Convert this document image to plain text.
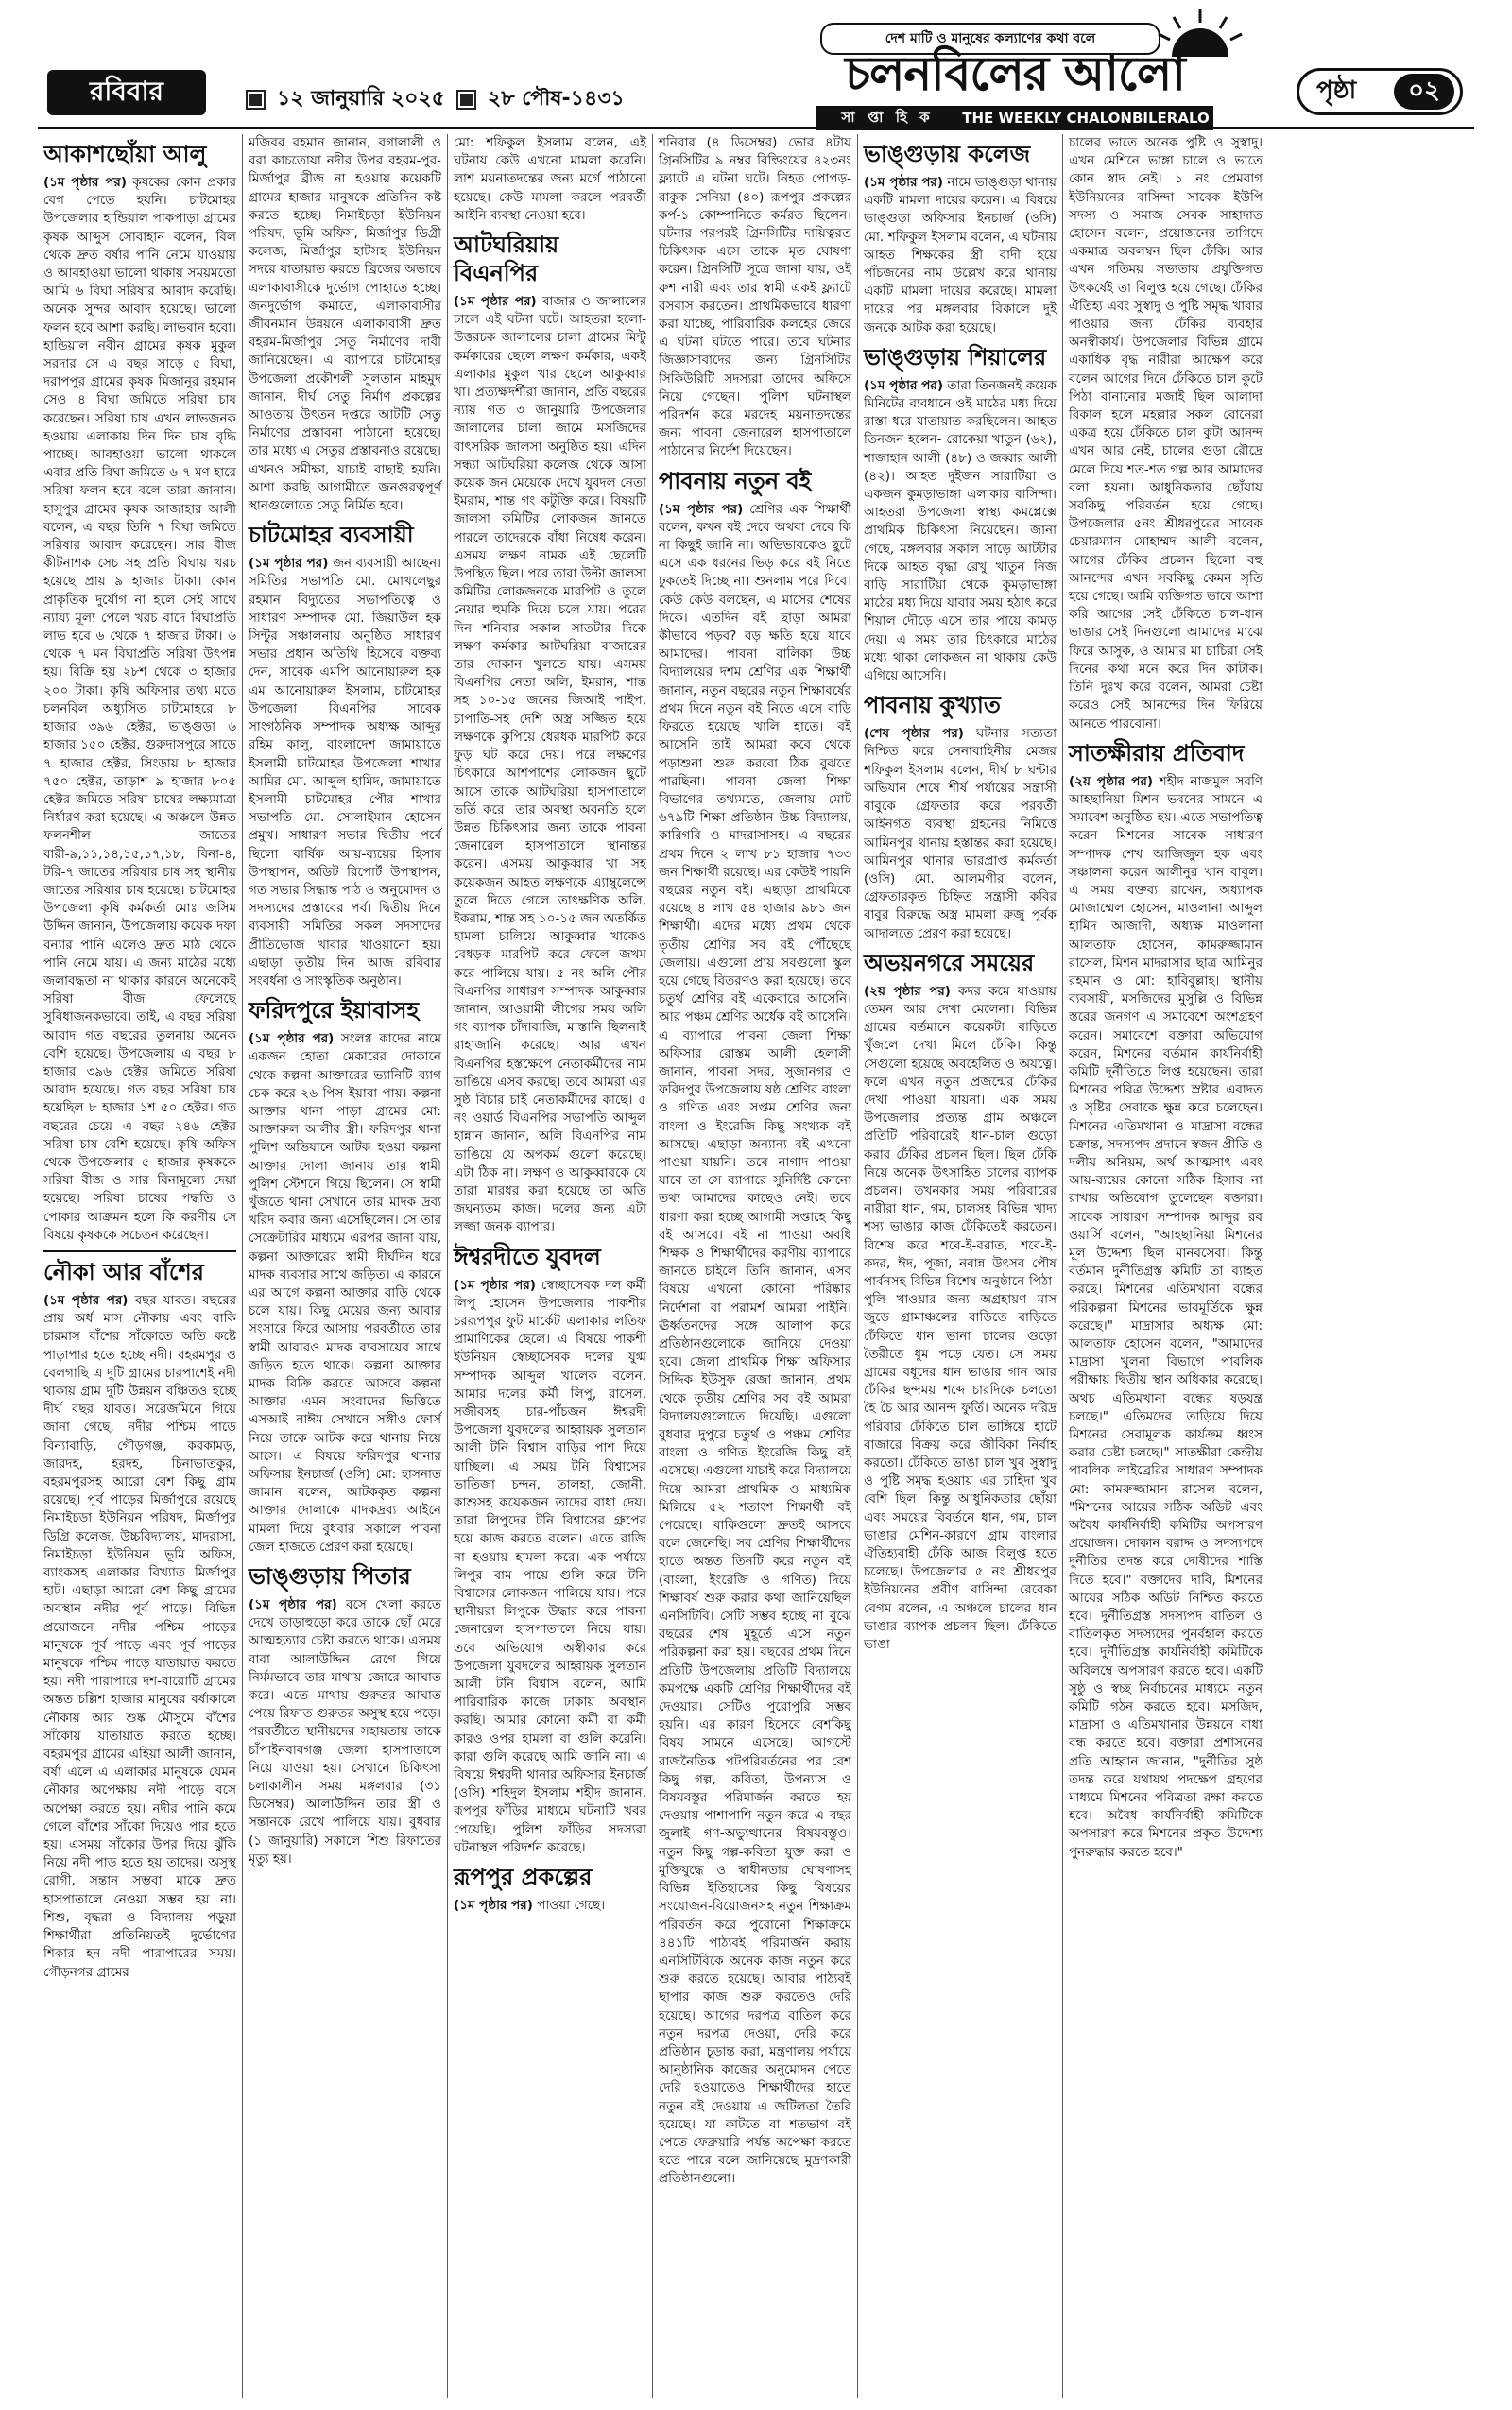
রবিবার	১২ জানুয়ারি ২০২৫ ২৮ পৌষ-১৪৩১
দেশ মাটি ও মানুষের কল্যাণের কথা বলে
চলনবিলের আলো
সা প্তা হি ক	THE WEEKLY CHALONBILERALO
পৃষ্ঠা	০২
আকাশছোঁয়া আলু

(১ম পৃষ্ঠার পর) কৃষকের কোন প্রকার বেগ পেতে হয়নি। চাটমোহর উপজেলার হান্ডিয়াল পাকপাড়া গ্রামের কৃষক আব্দুস সোবাহান বলেন, বিল থেকে দ্রুত বর্ষার পানি নেমে যাওয়ায় ও আবহাওয়া ভালো থাকায় সময়মতো আমি ৬ বিঘা সরিষার আবাদ করেছি। অনেক সুন্দর আবাদ হয়েছে। ভালো ফলন হবে আশা করছি। লাভবান হবো। হান্ডিয়াল নবীন গ্রামের কৃষক মুকুল সরদার সে এ বছর সাড়ে ৫ বিঘা, দরাপপুর গ্রামের কৃষক মিজানুর রহমান সেও ৪ বিঘা জমিতে সরিষা চাষ করেছেন। সরিষা চাষ এখন লাভজনক হওয়ায় এলাকায় দিন দিন চাষ বৃদ্ধি পাচ্ছে। আবহাওয়া ভালো থাকলে এবার প্রতি বিঘা জমিতে ৬-৭ মণ হারে সরিষা ফলন হবে বলে তারা জানান। হাসুপুর গ্রামের কৃষক আজাহার আলী বলেন, এ বছর তিনি ৭ বিঘা জমিতে সরিষার আবাদ করেছেন। সার বীজ কীটনাশক সেচ সহ প্রতি বিঘায় খরচ হয়েছে প্রায় ৯ হাজার টাকা। কোন প্রাকৃতিক দুর্যোগ না হলে সেই সাথে ন্যায্য মূল্য পেলে খরচ বাদে বিঘাপ্রতি লাভ হবে ৬ থেকে ৭ হাজার টাকা। ৬ থেকে ৭ মন বিঘাপ্রতি সরিষা উৎপন্ন হয়। বিক্রি হয় ২৮শ থেকে ৩ হাজার ২০০ টাকা। কৃষি অফিসার তথ্য মতে চলনবিল অধ্যুসিত চাটমোহরে ৮ হাজার ৩৯৬ হেক্টর, ভাঙ্গুড়া ৬ হাজার ১৫০ হেক্টর, গুরুদাসপুরে সাড়ে ৭ হাজার হেক্টর, সিংড়ায় ৮ হাজার ৭৫০ হেক্টর, তাড়াশ ৯ হাজার ৮০৫ হেক্টর জমিতে সরিষা চাষের লক্ষ্যমাত্রা নির্ধারণ করা হয়েছে। এ অঞ্চলে উন্নত ফলনশীল জাতের বারী-৯,১১,১৪,১৫,১৭,১৮, বিনা-৪, টরি-৭ জাতের সরিষার চাষ সহ স্থানীয় জাতের সরিষার চাষ হয়েছে। চাটমোহর উপজেলা কৃষি কর্মকর্তা মোঃ জসিম উদ্দিন জানান, উপজেলায় কয়েক দফা বন্যার পানি এলেও দ্রুত মাঠ থেকে পানি নেমে যায়। এ জন্য মাঠের মধ্যে জলাবদ্ধতা না থাকার কারনে অনেকেই সরিষা বীজ ফেলেছে সুবিধাজনকভাবে। তাই, এ বছর সরিষা আবাদ গত বছরের তুলনায় অনেক বেশি হয়েছে। উপজেলায় এ বছর ৮ হাজার ৩৯৬ হেক্টর জমিতে সরিষা আবাদ হয়েছে। গত বছর সরিষা চাষ হয়েছিল ৮ হাজার ১শ ৫০ হেক্টর। গত বছরের চেয়ে এ বছর ২৪৬ হেক্টর সরিষা চাষ বেশি হয়েছে। কৃষি অফিস থেকে উপজেলার ৫ হাজার কৃষককে সরিষা বীজ ও সার বিনামূল্যে দেয়া হয়েছে। সরিষা চাষের পদ্ধতি ও পোকার আক্রমন হলে কি করণীয় সে বিষয়ে কৃষককে সচেতন করেছেন।

নৌকা আর বাঁশের

(১ম পৃষ্ঠার পর) বছর যাবত। বছরের প্রায় অর্ধ মাস নৌকায় এবং বাকি চারমাস বাঁশের সাঁকোতে অতি কষ্টে পাড়াপার হতে হচ্ছে নদী। বহরমপুর ও বেলগাছি এ দুটি গ্রামের চারপাশেই নদী থাকায় গ্রাম দুটি উন্নয়ন বঞ্চিতও হচ্ছে দীর্ঘ বছর যাবত। সরেজমিনে গিয়ে জানা গেছে, নদীর পশ্চিম পাড়ে বিন্যাবাড়ি, গৌড়গঞ্জ, করকামড়, জারদহ, হরদহ, চিনাভাতকুর, বহরমপুরসহ আরো বেশ কিছু গ্রাম রয়েছে। পূর্ব পাড়ের মির্জাপুরে রয়েছে নিমাইচড়া ইউনিয়ন পরিষদ, মির্জাপুর ডিগ্রি কলেজ, উচ্চবিদ্যালয়, মাদরাসা, নিমাইচড়া ইউনিয়ন ভূমি অফিস, ব্যাংকসহ এলাকার বিখ্যাত মির্জাপুর হাট। এছাড়া আরো বেশ কিছু গ্রামের অবস্থান নদীর পূর্ব পাড়ে। বিভিন্ন প্রয়োজনে নদীর পশ্চিম পাড়ের মানুষকে পূর্ব পাড়ে এবং পূর্ব পাড়ের মানুষকে পশ্চিম পাড়ে যাতায়াত করতে হয়। নদী পারাপারে দশ-বারোটি গ্রামের অন্তত চল্লিশ হাজার মানুষের বর্ষাকালে নৌকায় আর শুষ্ক মৌসুমে বাঁশের সাঁকোয় যাতায়াত করতে হচ্ছে। বহরমপুর গ্রামের এহিয়া আলী জানান, বর্ষা এলে এ এলাকার মানুষকে যেমন নৌকার অপেক্ষায় নদী পাড়ে বসে অপেক্ষা করতে হয়। নদীর পানি কমে গেলে বাঁশের সাঁকো দিয়েও পার হতে হয়। এসময় সাঁকোর উপর দিয়ে ঝুঁকি নিয়ে নদী পাড় হতে হয় তাদের। অসুস্থ রোগী, সন্তান সম্ভবা মাকে দ্রুত হাসপাতালে নেওয়া সম্ভব হয় না। শিশু, বৃদ্ধরা ও বিদ্যালয় পড়ুয়া শিক্ষার্থীরা প্রতিনিয়তই দুর্ভোগের শিকার হন নদী পারাপারের সময়। গৌড়নগর গ্রামের

মজিবর রহমান জানান, বগালালী ও বরা কাচতোয়া নদীর উপর বহরম-পুর-মির্জাপুর ব্রীজ না হওয়ায় কয়েকটি গ্রামের হাজার মানুষকে প্রতিদিন কষ্ট করতে হচ্ছে। নিমাইচড়া ইউনিয়ন পরিষদ, ভূমি অফিস, মির্জাপুর ডিগ্রী কলেজ, মির্জাপুর হাটসহ ইউনিয়ন সদরে যাতায়াত করতে ব্রিজের অভাবে এলাকাবাসীকে দুর্ভোগ পোহাতে হচ্ছে। জনদুর্ভোগ কমাতে, এলাকাবাসীর জীবনমান উন্নয়নে এলাকাবাসী দ্রুত বহরম-মির্জাপুর সেতু নির্মাণের দাবী জানিয়েছেন। এ ব্যাপারে চাটমোহর উপজেলা প্রকৌশলী সুলতান মাহমুদ জানান, দীর্ঘ সেতু নির্মাণ প্রকল্পের আওতায় উৎতন দপ্তরে আটটি সেতু নির্মাণের প্রস্তাবনা পাঠানো হয়েছে। তার মধ্যে এ সেতুর প্রস্তাবনাও রয়েছে। এখনও সমীক্ষা, যাচাই বাছাই হয়নি। আশা করছি আগামীতে জনগুরত্বপূর্ণ স্থানগুলোতে সেতু নির্মিত হবে।

চাটমোহর ব্যবসায়ী

(১ম পৃষ্ঠার পর) জন ব্যবসায়ী আছেন। সমিতির সভাপতি মো. মোখলেছুর রহমান বিদ্যুতের সভাপতিত্বে ও সাধারণ সম্পাদক মো. জিয়াউল হক সিন্টুর সঞ্চালনায় অনুষ্ঠিত সাধারণ সভার প্রধান অতিথি হিসেবে বক্তব্য দেন, সাবেক এমপি আনোয়ারুল হক এম আনোয়ারুল ইসলাম, চাটমোহর উপজেলা বিএনপির সাবেক সাংগঠনিক সম্পাদক অধ্যক্ষ আব্দুর রহিম কালু, বাংলাদেশ জামায়াতে ইসলামী চাটমোহর উপজেলা শাখার আমির মো. আব্দুল হামিদ, জামায়াতে ইসলামী চাটমোহর পৌর শাখার সভাপতি মো. সোলাইমান হোসেন প্রমুখ। সাধারণ সভার দ্বিতীয় পর্বে ছিলো বার্ষিক আয়-ব্যয়ের হিসাব উপস্থাপন, অডিট রিপোর্ট উপস্থাপন, গত সভার সিদ্ধান্ত পাঠ ও অনুমোদন ও সদস্যদের প্রস্তাবের পর্ব। দ্বিতীয় দিনে ব্যবসায়ী সমিতির সকল সদস্যদের প্রীতিভোজ খাবার খাওয়ানো হয়। এছাড়া তৃতীয় দিন আজ রবিবার সংবর্ধনা ও সাংস্কৃতিক অনুষ্ঠান।

ফরিদপুরে ইয়াবাসহ

(১ম পৃষ্ঠার পর) সংলগ্ন কাদের নামে একজন হোতা মেকারের দোকানে থেকে কল্পনা আক্তারের ভ্যানিটি ব্যাগ চেক করে ২৬ পিস ইয়াবা পায়। কল্পনা আক্তার থানা পাড়া গ্রামের মো: আক্তারুল আলীর স্ত্রী। ফরিদপুর থানা পুলিশ অভিযানে আটক হওয়া কল্পনা আক্তার দোলা জানায় তার স্বামী পুলিশ স্টেশনে গিয়ে ছিলেন। সে স্বামী খুঁজতে থানা সেখানে তার মাদক দ্রব্য খরিদ কবার জন্য এসেছিলেন। সে তার সেক্রেটারির মাধ্যমে এরপর জানা যায়, কল্পনা আক্তারের স্বামী দীর্ঘদিন ধরে মাদক ব্যবসার সাথে জড়িত। এ কারনে এর আগে কল্পনা আক্তার বাড়ি থেকে চলে যায়। কিছু মেয়ের জন্য আবার সংসারে ফিরে আসায় পরবর্তীতে তার স্বামী আবারও মাদক ব্যবসায়ের সাথে জড়িত হতে থাকে। কল্পনা আক্তার মাদক বিক্রি করতে আসবে কল্পনা আক্তার এমন সংবাদের ভিত্তিতে এসআই নাঈম সেখানে সঙ্গীও ফোর্স নিয়ে তাকে আটক করে থানায় নিয়ে আসে। এ বিষয়ে ফরিদপুর থানার অফিসার ইনচার্জ (ওসি) মো: হাসনাত জামান বলেন, আটককৃত কল্পনা আক্তার দোলাকে মাদকদ্রব্য আইনে মামলা দিয়ে বুধবার সকালে পাবনা জেল হাজতে প্রেরণ করা হয়েছে।

ভাঙ্গুড়ায় পিতার

(১ম পৃষ্ঠার পর) বসে খেলা করতে দেখে তাড়াহুড়ো করে তাকে ছোঁ মেরে আত্মহত্যার চেষ্টা করতে থাকে। এসময় বাবা আলাউদ্দিন রেগে গিয়ে নির্মমভাবে তার মাথায় জোরে আঘাত করে। এতে মাথায় গুরুতর আঘাত পেয়ে রিফাত গুরুতর অসুস্থ হয়ে পড়ে। পরবর্তীতে স্থানীয়দের সহায়তায় তাকে চাঁপাইনবাবগঞ্জ জেলা হাসপাতালে নিয়ে যাওয়া হয়। সেখানে চিকিৎসা চলাকালীন সময় মঙ্গলবার (৩১ ডিসেম্বর) আলাউদ্দিন তার স্ত্রী ও সন্তানকে রেখে পালিয়ে যায়। বুধবার (১ জানুয়ারি) সকালে শিশু রিফাতের মৃত্যু হয়।

মো: শফিকুল ইসলাম বলেন, এই ঘটনায় কেউ এখনো মামলা করেনি। লাশ ময়নাতদন্তের জন্য মর্গে পাঠানো হয়েছে। কেউ মামলা করলে পরবর্তী আইনি ব্যবস্থা নেওয়া হবে।

আটঘরিয়ায় বিএনপির

(১ম পৃষ্ঠার পর) বাজার ও জালালের ঢালে এই ঘটনা ঘটে। আহতরা হলো-উত্তরচক জালালের চালা গ্রামের মিন্টু কর্মকারের ছেলে লক্ষণ কর্মকার, একই এলাকার মুকুল খার ছেলে আকুব্বার খা। প্রত্যক্ষদর্শীরা জানান, প্রতি বছরের ন্যায় গত ৩ জানুয়ারি উপজেলার জালালের চালা জামে মসজিদের বাৎসরিক জালসা অনুষ্ঠিত হয়। এদিন সন্ধ্যা আটঘরিয়া কলেজ থেকে আসা কয়েক জন মেয়েকে দেখে যুবদল নেতা ইমরাম, শান্ত গং কটুক্তি করে। বিষয়টি জালসা কমিটির লোকজন জানতে পারলে তাদেরকে বাঁধা নিষেধ করেন। এসময় লক্ষণ নামক এই ছেলেটি উপস্থিত ছিল। পরে তারা উল্টা জালসা কমিটির লোকজনকে মারপিট ও তুলে নেয়ার হুমকি দিয়ে চলে যায়। পরের দিন শনিবার সকাল সাতটার দিকে লক্ষণ কর্মকার আটঘরিয়া বাজারের তার দোকান খুলতে যায়। এসময় বিএনপির নেতা অলি, ইমরান, শান্ত সহ ১০-১৫ জনের জিআই পাইপ, চাপাতি-সহ দেশি অস্ত্র সজ্জিত হয়ে লক্ষণকে কুপিয়ে ধেরধক মারপিট করে ফুড় ঘট করে দেয়। পরে লক্ষণের চিৎকারে আশপাশের লোকজন ছুটে আসে তাকে আটঘরিয়া হাসপাতালে ভর্তি করে। তার অবস্থা অবনতি হলে উন্নত চিকিৎসার জন্য তাকে পাবনা জেনারেল হাসপাতালে স্থানান্তর করেন। এসময় আকুব্বার খা সহ কয়েকজন আহত লক্ষণকে এ্যাম্বুলেন্সে তুলে দিতে গেলে তাৎক্ষণিক অলি, ইকরাম, শান্ত সহ ১০-১৫ জন অতর্কিত হামলা চালিয়ে আকুব্বার খাকেও বেধড়ক মারপিট করে ফেলে জখম করে পালিয়ে যায়। ৫ নং অলি পৌর বিএনপির সাধারণ সম্পাদক আকুব্বার জানান, আওয়ামী লীগের সময় অলি গং ব্যাপক চাঁদাবাজি, মাস্তানি ছিলনাই রাহাজানি করেছে। আর এখন বিএনপির হস্তক্ষেপে নেতাকর্মীদের নাম ভাঙিয়ে এসব করছে। তবে আমরা এর সুষ্ঠ বিচার চাই নেতাকর্মীদের কাছে। ৫ নং ওয়ার্ড বিএনপির সভাপতি আব্দুল হান্নান জানান, অলি বিএনপির নাম ভাঙিয়ে যে অপকর্ম গুলো করেছে। এটা ঠিক না। লক্ষণ ও আকুব্বারকে যে তারা মারধর করা হয়েছে তা অতি জঘন্যতম কাজ। দলের জন্য এটা লজ্জা জনক ব্যাপার।

ঈশ্বরদীতে যুবদল

(১ম পৃষ্ঠার পর) স্বেচ্ছাসেবক দল কর্মী লিপু হোসেন উপজেলার পাকশীর চররূপপুর ফুট মার্কেট এলাকার লতিফ প্রামাণিকের ছেলে। এ বিষয়ে পাকশী ইউনিয়ন স্বেচ্ছাসেবক দলের যুগ্ম সম্পাদক আব্দুল খালেক বলেন, আমার দলের কর্মী লিপু, রাসেল, সজীবসহ চার-পাঁচজন ঈশ্বরদী উপজেলা যুবদলের আহ্বায়ক সুলতান আলী টনি বিশ্বাস বাড়ির পাশ দিয়ে যাচ্ছিল। এ সময় টনি বিশ্বাসের ভাতিজা চন্দন, তালহা, জোনী, কাশুসহ কয়েকজন তাদের বাধা দেয়। তারা লিপুদের টনি বিশ্বাসের গ্রুপের হয়ে কাজ করতে বলেন। এতে রাজি না হওয়ায় হামলা করে। এক পর্যায়ে লিপুর বাম পায়ে গুলি করে টনি বিশ্বাসের লোকজন পালিয়ে যায়। পরে স্থানীয়রা লিপুকে উদ্ধার করে পাবনা জেনারেল হাসপাতালে নিয়ে যায়। তবে অভিযোগ অস্বীকার করে উপজেলা যুবদলের আহ্বায়ক সুলতান আলী টনি বিশ্বাস বলেন, আমি পারিবারিক কাজে ঢাকায় অবস্থান করছি। আমার কোনো কর্মী বা কর্মী কারও ওপর হামলা বা গুলি করেনি। কারা গুলি করেছে আমি জানি না। এ বিষয়ে ঈশ্বরদী থানার অফিসার ইনচার্জ (ওসি) শহিদুল ইসলাম শহীদ জানান, রূপপুর ফাঁড়ির মাধ্যমে ঘটনাটি খবর পেয়েছি। পুলিশ ফাঁড়ির সদস্যরা ঘটনাস্থল পরিদর্শন করেছে।

রূপপুর প্রকল্পের

(১ম পৃষ্ঠার পর) পাওয়া গেছে।

শনিবার (৪ ডিসেম্বর) ভোর ৪টায় গ্রিনসিটির ৯ নম্বর বিল্ডিংয়ের ৪২৩নং ফ্ল্যাটে এ ঘটনা ঘটে। নিহত পোপড়-রাকুক সেনিয়া (৪০) রূপপুর প্রকল্পের কর্প-১ কোম্পানিতে কর্মরত ছিলেন। ঘটনার পরপরই গ্রিনসিটির দায়িত্বরত চিকিৎসক এসে তাকে মৃত ঘোষণা করেন। গ্রিনসিটি সূত্রে জানা যায়, ওই রুশ নারী এবং তার স্বামী একই ফ্ল্যাটে বসবাস করতেন। প্রাথমিকভাবে ধারণা করা যাচ্ছে, পারিবারিক কলহের জেরে এ ঘটনা ঘটতে পারে। তবে ঘটনার জিজ্ঞাসাবাদের জন্য গ্রিনসিটির সিকিউরিটি সদস্যরা তাদের অফিসে নিয়ে গেছেন। পুলিশ ঘটনাস্থল পরিদর্শন করে মরদেহ ময়নাতদন্তের জন্য পাবনা জেনারেল হাসপাতালে পাঠানোর নির্দেশ দিয়েছেন।

পাবনায় নতুন বই

(১ম পৃষ্ঠার পর) শ্রেণির এক শিক্ষার্থী বলেন, কখন বই দেবে অথবা দেবে কি না কিছুই জানি না। অভিভাবকেও ছুটে এসে এক ধরনের ভিড় করে বই নিতে ঢুকতেই দিচ্ছে না। শুনলাম পরে দিবে। কেউ কেউ বলছেন, এ মাসের শেষের দিকে। এতদিন বই ছাড়া আমরা কীভাবে পড়ব? বড় ক্ষতি হয়ে যাবে আমাদের। পাবনা বালিকা উচ্চ বিদ্যালয়ের দশম শ্রেণির এক শিক্ষার্থী জানান, নতুন বছরের নতুন শিক্ষাবর্ষের প্রথম দিনে নতুন বই নিতে এসে বাড়ি ফিরতে হয়েছে খালি হাতে। বই আসেনি তাই আমরা কবে থেকে পড়াশুনা শুরু করবো ঠিক বুঝতে পারছিনা। পাবনা জেলা শিক্ষা বিভাগের তথ্যমতে, জেলায় মোট ৬৭৯টি শিক্ষা প্রতিষ্ঠান উচ্চ বিদ্যালয়, কারিগরি ও মাদরাসাসহ। এ বছরের প্রথম দিনে ২ লাখ ৮১ হাজার ৭৩৩ জন শিক্ষার্থী রয়েছে। এর কেউই পায়নি বছরের নতুন বই। এছাড়া প্রাথমিকে রয়েছে ৪ লাখ ৫৪ হাজার ৯৮১ জন শিক্ষার্থী। এদের মধ্যে প্রথম থেকে তৃতীয় শ্রেণির সব বই পৌঁছেছে জেলায়। এগুলো প্রায় সবগুলো স্কুল হয়ে গেছে বিতরণও করা হয়েছে। তবে চতুর্থ শ্রেণির বই একেবারে আসেনি। আর পঞ্চম শ্রেণির অর্ধেক বই আসেনি। এ ব্যাপারে পাবনা জেলা শিক্ষা অফিসার রোস্তম আলী হেলালী জানান, পাবনা সদর, সুজানগর ও ফরিদপুর উপজেলায় ষষ্ঠ শ্রেণির বাংলা ও গণিত এবং সপ্তম শ্রেণির জন্য বাংলা ও ইংরেজি কিছু সংখ্যক বই আসছে। এছাড়া অন্যান্য বই এখনো পাওয়া যায়নি। তবে নাগাদ পাওয়া যাবে তা সে ব্যাপারে সুনির্দিষ্ট কোনো তথ্য আমাদের কাছেও নেই। তবে ধারণা করা হচ্ছে আগামী সপ্তাহে কিছু বই আসবে। বই না পাওয়া অবধি শিক্ষক ও শিক্ষার্থীদের করণীয় ব্যাপারে জানতে চাইলে তিনি জানান, এসব বিষয়ে এখনো কোনো পরিষ্কার নির্দেশনা বা পরামর্শ আমরা পাইনি। ঊর্ধ্বতনদের সঙ্গে আলাপ করে প্রতিষ্ঠানগুলোকে জানিয়ে দেওয়া হবে। জেলা প্রাথমিক শিক্ষা অফিসার সিদ্দিক ইউসুফ রেজা জানান, প্রথম থেকে তৃতীয় শ্রেণির সব বই আমরা বিদ্যালয়গুলোতে দিয়েছি। এগুলো বুধবার দুপুরে চতুর্থ ও পঞ্চম শ্রেণির বাংলা ও গণিত ইংরেজি কিছু বই এসেছে। এগুলো যাচাই করে বিদ্যালয়ে দিয়ে আমরা প্রাথমিক ও মাধ্যমিক মিলিয়ে ৫২ শতাংশ শিক্ষার্থী বই পেয়েছে। বাকিগুলো দ্রুতই আসবে বলে জেনেছি। সব শ্রেণির শিক্ষার্থীদের হাতে অন্তত তিনটি করে নতুন বই (বাংলা, ইংরেজি ও গণিত) দিয়ে শিক্ষাবর্ষ শুরু করার কথা জানিয়েছিল এনসিটিবি। সেটি সম্ভব হচ্ছে না বুঝে বছরের শেষ মুহূর্তে এসে নতুন পরিকল্পনা করা হয়। বছরের প্রথম দিনে প্রতিটি উপজেলায় প্রতিটি বিদ্যালয়ে কমপক্ষে একটি শ্রেণির শিক্ষার্থীদের বই দেওয়ার। সেটিও পুরোপুরি সম্ভব হয়নি। এর কারণ হিসেবে বেশকিছু বিষয় সামনে এসেছে। আগস্টে রাজনৈতিক পটপরিবর্তনের পর বেশ কিছু গল্প, কবিতা, উপন্যাস ও বিষয়বস্তুর পরিমার্জন করতে হয় দেওয়ায় পাশাপাশি নতুন করে এ বছর জুলাই গণ-অভ্যুত্থানের বিষয়বস্তুও। নতুন কিছু গল্প-কবিতা যুক্ত করা ও মুক্তিযুদ্ধে ও স্বাধীনতার ঘোষণাসহ বিভিন্ন ইতিহাসের কিছু বিষয়ের সংযোজন-বিয়োজনসহ নতুন শিক্ষাক্রম পরিবর্তন করে পুরোনো শিক্ষাক্রমে ৪৪১টি পাঠ্যবই পরিমার্জন করায় এনসিটিবিকে অনেক কাজ নতুন করে শুরু করতে হয়েছে। আবার পাঠ্যবই ছাপার কাজ শুরু করতেও দেরি হয়েছে। আগের দরপত্র বাতিল করে নতুন দরপত্র দেওয়া, দেরি করে প্রতিষ্ঠান চূড়ান্ত করা, মন্ত্রণালয় পর্যায়ে আনুষ্ঠানিক কাজের অনুমোদন পেতে দেরি হওয়াতেও শিক্ষার্থীদের হাতে নতুন বই দেওয়ায় এ জটিলতা তৈরি হয়েছে। যা কাটতে বা শতভাগ বই পেতে ফেব্রুয়ারি পর্যন্ত অপেক্ষা করতে হতে পারে বলে জানিয়েছে মুদ্রণকারী প্রতিষ্ঠানগুলো।

ভাঙ্গুড়ায় কলেজ

(১ম পৃষ্ঠার পর) নামে ভাঙ্গুড়া থানায় একটি মামলা দায়ের করেন। এ বিষয়ে ভাঙ্গুড়া অফিসার ইনচার্জ (ওসি) মো. শফিকুল ইসলাম বলেন, এ ঘটনায় আহত শিক্ষকের স্ত্রী বাদী হয়ে পাঁচজনের নাম উল্লেখ করে থানায় একটি মামলা দায়ের করেছে। মামলা দায়ের পর মঙ্গলবার বিকালে দুই জনকে আটক করা হয়েছে।

ভাঙ্গুড়ায় শিয়ালের

(১ম পৃষ্ঠার পর) তারা তিনজনই কয়েক মিনিটের ব্যবধানে ওই মাঠের মধ্য দিয়ে রাস্তা ধরে যাতায়াত করছিলেন। আহত তিনজন হলেন- রোকেয়া খাতুন (৬২), শাজাহান আলী (৪৮) ও জব্বার আলী (৪২)। আহত দুইজন সারাটিয়া ও একজন কুমড়াভাঙ্গা এলাকার বাসিন্দা। আহতরা উপজেলা স্বাস্থ্য কমপ্লেক্সে প্রাথমিক চিকিৎসা নিয়েছেন। জানা গেছে, মঙ্গলবার সকাল সাড়ে আটটার দিকে আহত বৃদ্ধা রেখু খাতুন নিজ বাড়ি সারাটিয়া থেকে কুমড়াভাঙ্গা মাঠের মধ্য দিয়ে যাবার সময় হঠাৎ করে শিয়াল দৌড়ে এসে তার পায়ে কামড় দেয়। এ সময় তার চিৎকারে মাঠের মধ্যে থাকা লোকজন না থাকায় কেউ এগিয়ে আসেনি।

পাবনায় কুখ্যাত

(শেষ পৃষ্ঠার পর) ঘটনার সত্যতা নিশ্চিত করে সেনাবাহিনীর মেজর শফিকুল ইসলাম বলেন, দীর্ঘ ৮ ঘন্টার অভিযান শেষে শীর্ষ পর্যায়ের সন্ত্রাসী বাবুকে গ্রেফতার করে পরবর্তী আইনগত ব্যবস্থা গ্রহনের নিমিত্তে আমিনপুর থানায় হস্তান্তর করা হয়েছে। আমিনপুর থানার ভারপ্রাপ্ত কর্মকর্তা (ওসি) মো. আলমগীর বলেন, গ্রেফতারকৃত চিহ্নিত সন্ত্রাসী কবির বাবুর বিরুদ্ধে অস্ত্র মামলা রুজু পূর্বক আদালতে প্রেরণ করা হয়েছে।

অভয়নগরে সময়ের

(২য় পৃষ্ঠার পর) কদর কমে যাওয়ায় তেমন আর দেখা মেলেনা। বিভিন্ন গ্রামের বর্তমানে কয়েকটা বাড়িতে খুঁজলে দেখা মিলে ঢেঁকি। কিন্তু সেগুলো হয়েছে অবহেলিত ও অযত্নে। ফলে এখন নতুন প্রজন্মের ঢেঁকির দেখা পাওয়া যায়না। এক সময় উপজেলার প্রত্যন্ত গ্রাম অঞ্চলে প্রতিটি পরিবারেই ধান-চাল গুড়ো করার ঢেঁকির প্রচলন ছিল। ছিল ঢেঁকি নিয়ে অনেক উৎসাহিত চালের ব্যাপক প্রচলন। তখনকার সময় পরিবারের নারীরা ধান, গম, চালসহ বিভিন্ন খাদ্য শস্য ভাঙার কাজ ঢেঁকিতেই করতেন। বিশেষ করে শবে-ই-বরাত, শবে-ই-কদর, ঈদ, পূজা, নবান্ন উৎসব পৌষ পার্বনসহ বিভিন্ন বিশেষ অনুষ্ঠানে পিঠা-পুলি খাওয়ার জন্য অগ্রহায়ণ মাস জুড়ে গ্রামাঞ্চলের বাড়িতে বাড়িতে ঢেঁকিতে ধান ভানা চালের গুড়ো তৈরীতে ধুম পড়ে যেত। সে সময় গ্রামের বধূদের ধান ভাঙার গান আর ঢেঁকির ছন্দময় শব্দে চারদিকে চলতো হৈ চৈ আর আনন্দ ফুর্তি। অনেক দরিদ্র পরিবার ঢেঁকিতে চাল ভাঙ্গিয়ে হাটে বাজারে বিক্রয় করে জীবিকা নির্বাহ করতো। ঢেঁকিতে ভাঙা চাল খুব সুস্বাদু ও পুষ্টি সমৃদ্ধ হওয়ায় এর চাহিদা খুব বেশি ছিল। কিন্তু আধুনিকতার ছোঁয়া এবং সময়ের বিবর্তনে ধান, গম, চাল ভাঙার মেশিন-কারণে গ্রাম বাংলার ঐতিহ্যবাহী ঢেঁকি আজ বিলুপ্ত হতে চলেছে। উপজেলার ৫ নং শ্রীধরপুর ইউনিয়নের প্রবীণ বাসিন্দা রেবেকা বেগম বলেন, এ অঞ্চলে চালের ধান ভাঙার ব্যাপক প্রচলন ছিল। ঢেঁকিতে ভাঙা

চালের ভাতে অনেক পুষ্টি ও সুস্বাদু। এখন মেশিনে ভাঙ্গা চালে ও ভাতে কোন স্বাদ নেই। ১ নং প্রেমবাগ ইউনিয়নের বাসিন্দা সাবেক ইউপি সদস্য ও সমাজ সেবক সাহাদাত হোসেন বলেন, প্রয়োজনের তাগিদে একমাত্র অবলম্বন ছিল ঢেঁকি। আর এখন গতিময় সভ্যতায় প্রযুক্তিগত উৎকর্ষেই তা বিলুপ্ত হয়ে গেছে। ঢেঁকির ঐতিহ্য এবং সুস্বাদু ও পুষ্টি সমৃদ্ধ খাবার পাওয়ার জন্য ঢেঁকির ব্যবহার অনস্বীকার্য। উপজেলার বিভিন্ন গ্রামে একাধিক বৃদ্ধ নারীরা আক্ষেপ করে বলেন আগের দিনে ঢেঁকিতে চাল কুটে পিঠা বানানোর মজাই ছিল আলাদা বিকাল হলে মহল্লার সকল বোনেরা একত্র হয়ে ঢেঁকিতে চাল কুটা আনন্দ এখন আর নেই, চালের গুড়া রৌদ্রে মেলে দিয়ে শত-শত গল্প আর আমাদের বলা হয়না। আধুনিকতার ছোঁয়ায় সবকিছু পরিবর্তন হয়ে গেছে। উপজেলার ৫নং শ্রীধরপুরের সাবেক চেয়ারম্যান মোহাম্মদ আলী বলেন, আগের ঢেঁকির প্রচলন ছিলো বহু আনন্দের এখন সবকিছু কেমন সৃতি হয়ে গেছে। আমি ব্যক্তিগত ভাবে আশা করি আগের সেই ঢেঁকিতে চাল-ধান ভাঙার সেই দিনগুলো আমাদের মাঝে ফিরে আসুক, ও আমার মা চাচিরা সেই দিনের কথা মনে করে দিন কাটাক। তিনি দুঃখ করে বলেন, আমরা চেষ্টা করেও সেই আনন্দের দিন ফিরিয়ে আনতে পারবোনা।

সাতক্ষীরায় প্রতিবাদ

(২য় পৃষ্ঠার পর) শহীদ নাজমুল সরণি আহছানিয়া মিশন ভবনের সামনে এ সমাবেশ অনুষ্ঠিত হয়। এতে সভাপতিত্ব করেন মিশনের সাবেক সাধারণ সম্পাদক শেখ আজিজুল হক এবং সঞ্চালনা করেন আলীনুর খান বাবুল। এ সময় বক্তব্য রাখেন, অধ্যাপক মোজাম্মেল হোসেন, মাওলানা আব্দুল হামিদ আজাদী, অধ্যক্ষ মাওলানা আলতাফ হোসেন, কামরুজ্জামান রাসেল, মিশন মাদরাসার ছাত্র আমিনুর রহমান ও মো: হাবিবুল্লাহ। স্থানীয় ব্যবসায়ী, মসজিদের মুসুল্লি ও বিভিন্ন স্তরের জনগণ এ সমাবেশে অংশগ্রহণ করেন। সমাবেশে বক্তারা অভিযোগ করেন, মিশনের বর্তমান কার্যনির্বাহী কমিটি দুর্নীতিতে লিপ্ত হয়েছেন। তারা মিশনের পবিত্র উদ্দেশ্য স্রষ্টার এবাদত ও সৃষ্টির সেবাকে ক্ষুন্ন করে চলেছেন। মিশনের এতিমখানা ও মাদ্রাসা বন্ধের চক্রান্ত, সদস্যপদ প্রদানে স্বজন প্রীতি ও দলীয় অনিয়ম, অর্থ আত্মসাৎ এবং আয়-ব্যয়ের কোনো সঠিক হিসাব না রাখার অভিযোগ তুলেছেন বক্তারা। সাবেক সাধারণ সম্পাদক আব্দুর রব ওয়ার্সি বলেন, "আহছানিয়া মিশনের মূল উদ্দেশ্য ছিল মানবসেবা। কিন্তু বর্তমান দুর্নীতিগ্রস্ত কমিটি তা ব্যাহত করছে। মিশনের এতিমখানা বন্ধের পরিকল্পনা মিশনের ভাবমূর্তিকে ক্ষুন্ন করেছে।" মাদ্রাসার অধ্যক্ষ মো: আলতাফ হোসেন বলেন, "আমাদের মাদ্রাসা খুলনা বিভাগে পাবলিক পরীক্ষায় দ্বিতীয় স্থান অধিকার করেছে। অথচ এতিমখানা বন্ধের ষড়যন্ত্র চলছে।" এতিমদের তাড়িয়ে দিয়ে মিশনের সেবামূলক কার্যক্রম ধ্বংস করার চেষ্টা চলছে।" সাতক্ষীরা কেন্দ্রীয় পাবলিক লাইব্রেরির সাধারণ সম্পাদক মো: কামরুজ্জামান রাসেল বলেন, "মিশনের আয়ের সঠিক অডিট এবং অবৈধ কার্যনির্বাহী কমিটির অপসারণ প্রয়োজন। দোকান বরাদ্দ ও সদস্যপদে দুর্নীতির তদন্ত করে দোষীদের শাস্তি দিতে হবে।" বক্তাদের দাবি, মিশনের আয়ের সঠিক অডিট নিশ্চিত করতে হবে। দুর্নীতিগ্রস্ত সদস্যপদ বাতিল ও বাতিলকৃত সদস্যদের পুনর্বহাল করতে হবে। দুর্নীতিগ্রস্ত কার্যনির্বাহী কমিটিকে অবিলম্বে অপসারণ করতে হবে। একটি সুষ্ঠু ও স্বচ্ছ নির্বাচনের মাধ্যমে নতুন কমিটি গঠন করতে হবে। মসজিদ, মাদ্রাসা ও এতিমখানার উন্নয়নে বাধা বন্ধ করতে হবে। বক্তারা প্রশাসনের প্রতি আহ্বান জানান, "দুর্নীতির সুষ্ঠ তদন্ত করে যথাযথ পদক্ষেপ গ্রহণের মাধ্যমে মিশনের পবিত্রতা রক্ষা করতে হবে। অবৈধ কার্যনির্বাহী কমিটিকে অপসারণ করে মিশনের প্রকৃত উদ্দেশ্য পুনরুদ্ধার করতে হবে।"
